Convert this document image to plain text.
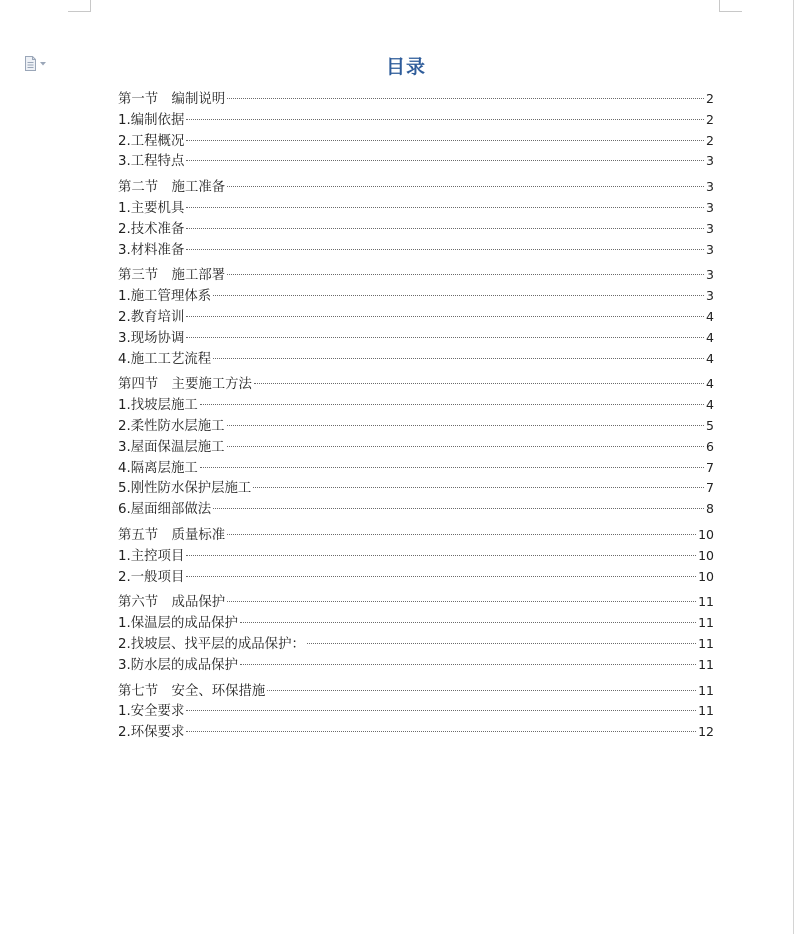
目录
第一节　编制说明	2
1.编制依据	2
2.工程概况	2
3.工程特点	3
第二节　施工准备	3
1.主要机具	3
2.技术准备	3
3.材料准备	3
第三节　施工部署	3
1.施工管理体系	3
2.教育培训	4
3.现场协调	4
4.施工工艺流程	4
第四节　主要施工方法	4
1.找坡层施工	4
2.柔性防水层施工	5
3.屋面保温层施工	6
4.隔离层施工	7
5.刚性防水保护层施工	7
6.屋面细部做法	8
第五节　质量标准	10
1.主控项目	10
2.一般项目	10
第六节　成品保护	11
1.保温层的成品保护	11
2.找坡层、找平层的成品保护：	11
3.防水层的成品保护	11
第七节　安全、环保措施	11
1.安全要求	11
2.环保要求	12
